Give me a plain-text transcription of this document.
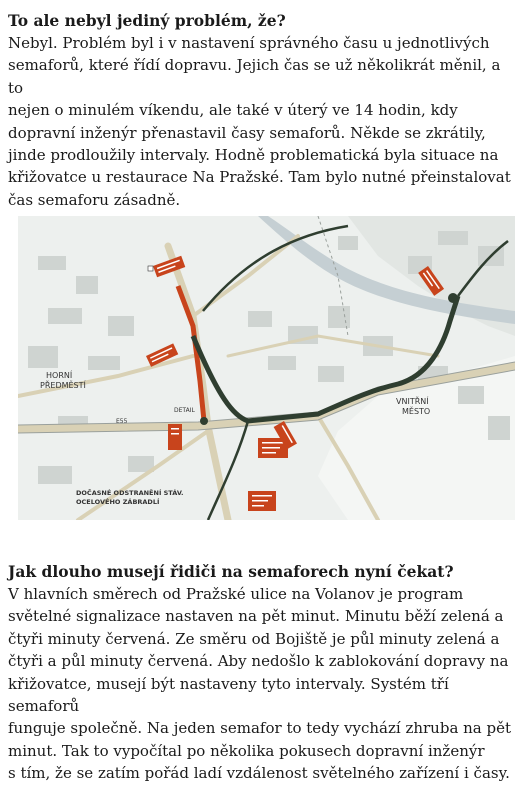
To ale nebyl jediný problém, že?

Nebyl. Problém byl i v nastavení správného času u jednotlivých
semaforů, které řídí dopravu. Jejich čas se už několikrát měnil, a to
nejen o minulém víkendu, ale také v úterý ve 14 hodin, kdy
dopravní inženýr přenastavil časy semaforů. Někde se zkrátily,
jinde prodloužily intervaly. Hodně problematická byla situace na
křižovatce u restaurace Na Pražské. Tam bylo nutné přeinstalovat
čas semaforu zásadně.

HORNÍ
PŘEDMĚSTÍ
VNITŘNÍ
MĚSTO
DOČASNÉ ODSTRANĚNÍ STÁV.
OCELOVÉHO ZÁBRADLÍ
DETAIL
E55

Jak dlouho musejí řidiči na semaforech nyní čekat?

V hlavních směrech od Pražské ulice na Volanov je program
světelné signalizace nastaven na pět minut. Minutu běží zelená a
čtyři minuty červená. Ze směru od Bojiště je půl minuty zelená a
čtyři a půl minuty červená. Aby nedošlo k zablokování dopravy na
křižovatce, musejí být nastaveny tyto intervaly. Systém tří semaforů
funguje společně. Na jeden semafor to tedy vychází zhruba na pět
minut. Tak to vypočítal po několika pokusech dopravní inženýr
s tím, že se zatím pořád ladí vzdálenost světelného zařízení i časy.
